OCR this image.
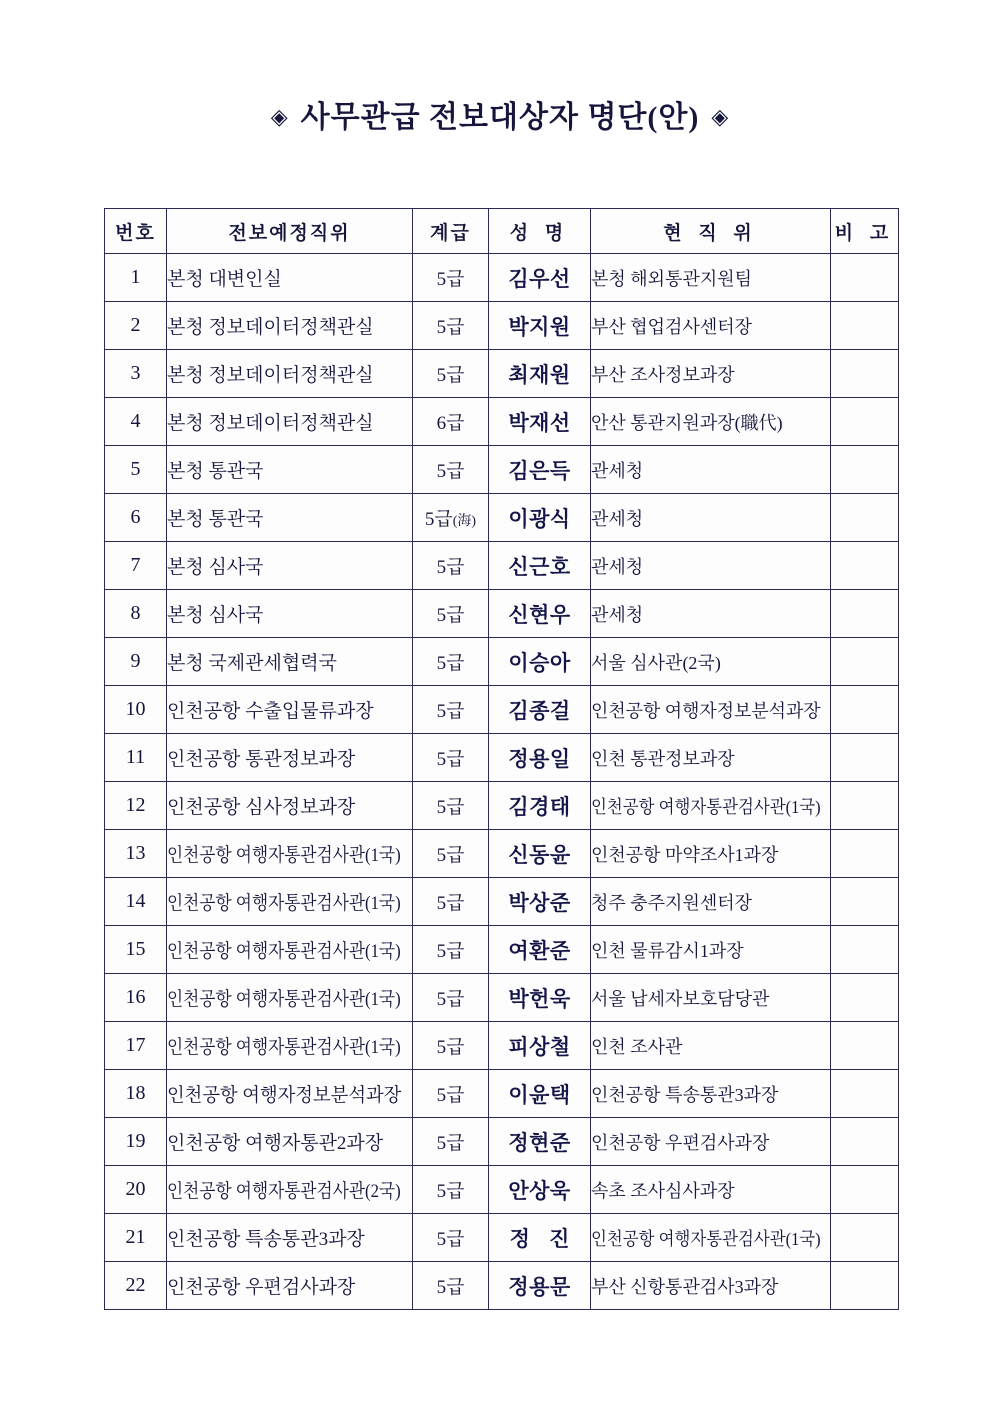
◈ 사무관급 전보대상자 명단(안) ◈
번호	전보예정직위	계급	성 명	현 직 위	비 고
1	본청 대변인실	5급	김우선	본청 해외통관지원팀	
2	본청 정보데이터정책관실	5급	박지원	부산 협업검사센터장	
3	본청 정보데이터정책관실	5급	최재원	부산 조사정보과장	
4	본청 정보데이터정책관실	6급	박재선	안산 통관지원과장(職代)	
5	본청 통관국	5급	김은득	관세청	
6	본청 통관국	5급(海)	이광식	관세청	
7	본청 심사국	5급	신근호	관세청	
8	본청 심사국	5급	신현우	관세청	
9	본청 국제관세협력국	5급	이승아	서울 심사관(2국)	
10	인천공항 수출입물류과장	5급	김종걸	인천공항 여행자정보분석과장	
11	인천공항 통관정보과장	5급	정용일	인천 통관정보과장	
12	인천공항 심사정보과장	5급	김경태	인천공항 여행자통관검사관(1국)	
13	인천공항 여행자통관검사관(1국)	5급	신동윤	인천공항 마약조사1과장	
14	인천공항 여행자통관검사관(1국)	5급	박상준	청주 충주지원센터장	
15	인천공항 여행자통관검사관(1국)	5급	여환준	인천 물류감시1과장	
16	인천공항 여행자통관검사관(1국)	5급	박헌욱	서울 납세자보호담당관	
17	인천공항 여행자통관검사관(1국)	5급	피상철	인천 조사관	
18	인천공항 여행자정보분석과장	5급	이윤택	인천공항 특송통관3과장	
19	인천공항 여행자통관2과장	5급	정현준	인천공항 우편검사과장	
20	인천공항 여행자통관검사관(2국)	5급	안상욱	속초 조사심사과장	
21	인천공항 특송통관3과장	5급	정 진	인천공항 여행자통관검사관(1국)	
22	인천공항 우편검사과장	5급	정용문	부산 신항통관검사3과장	
